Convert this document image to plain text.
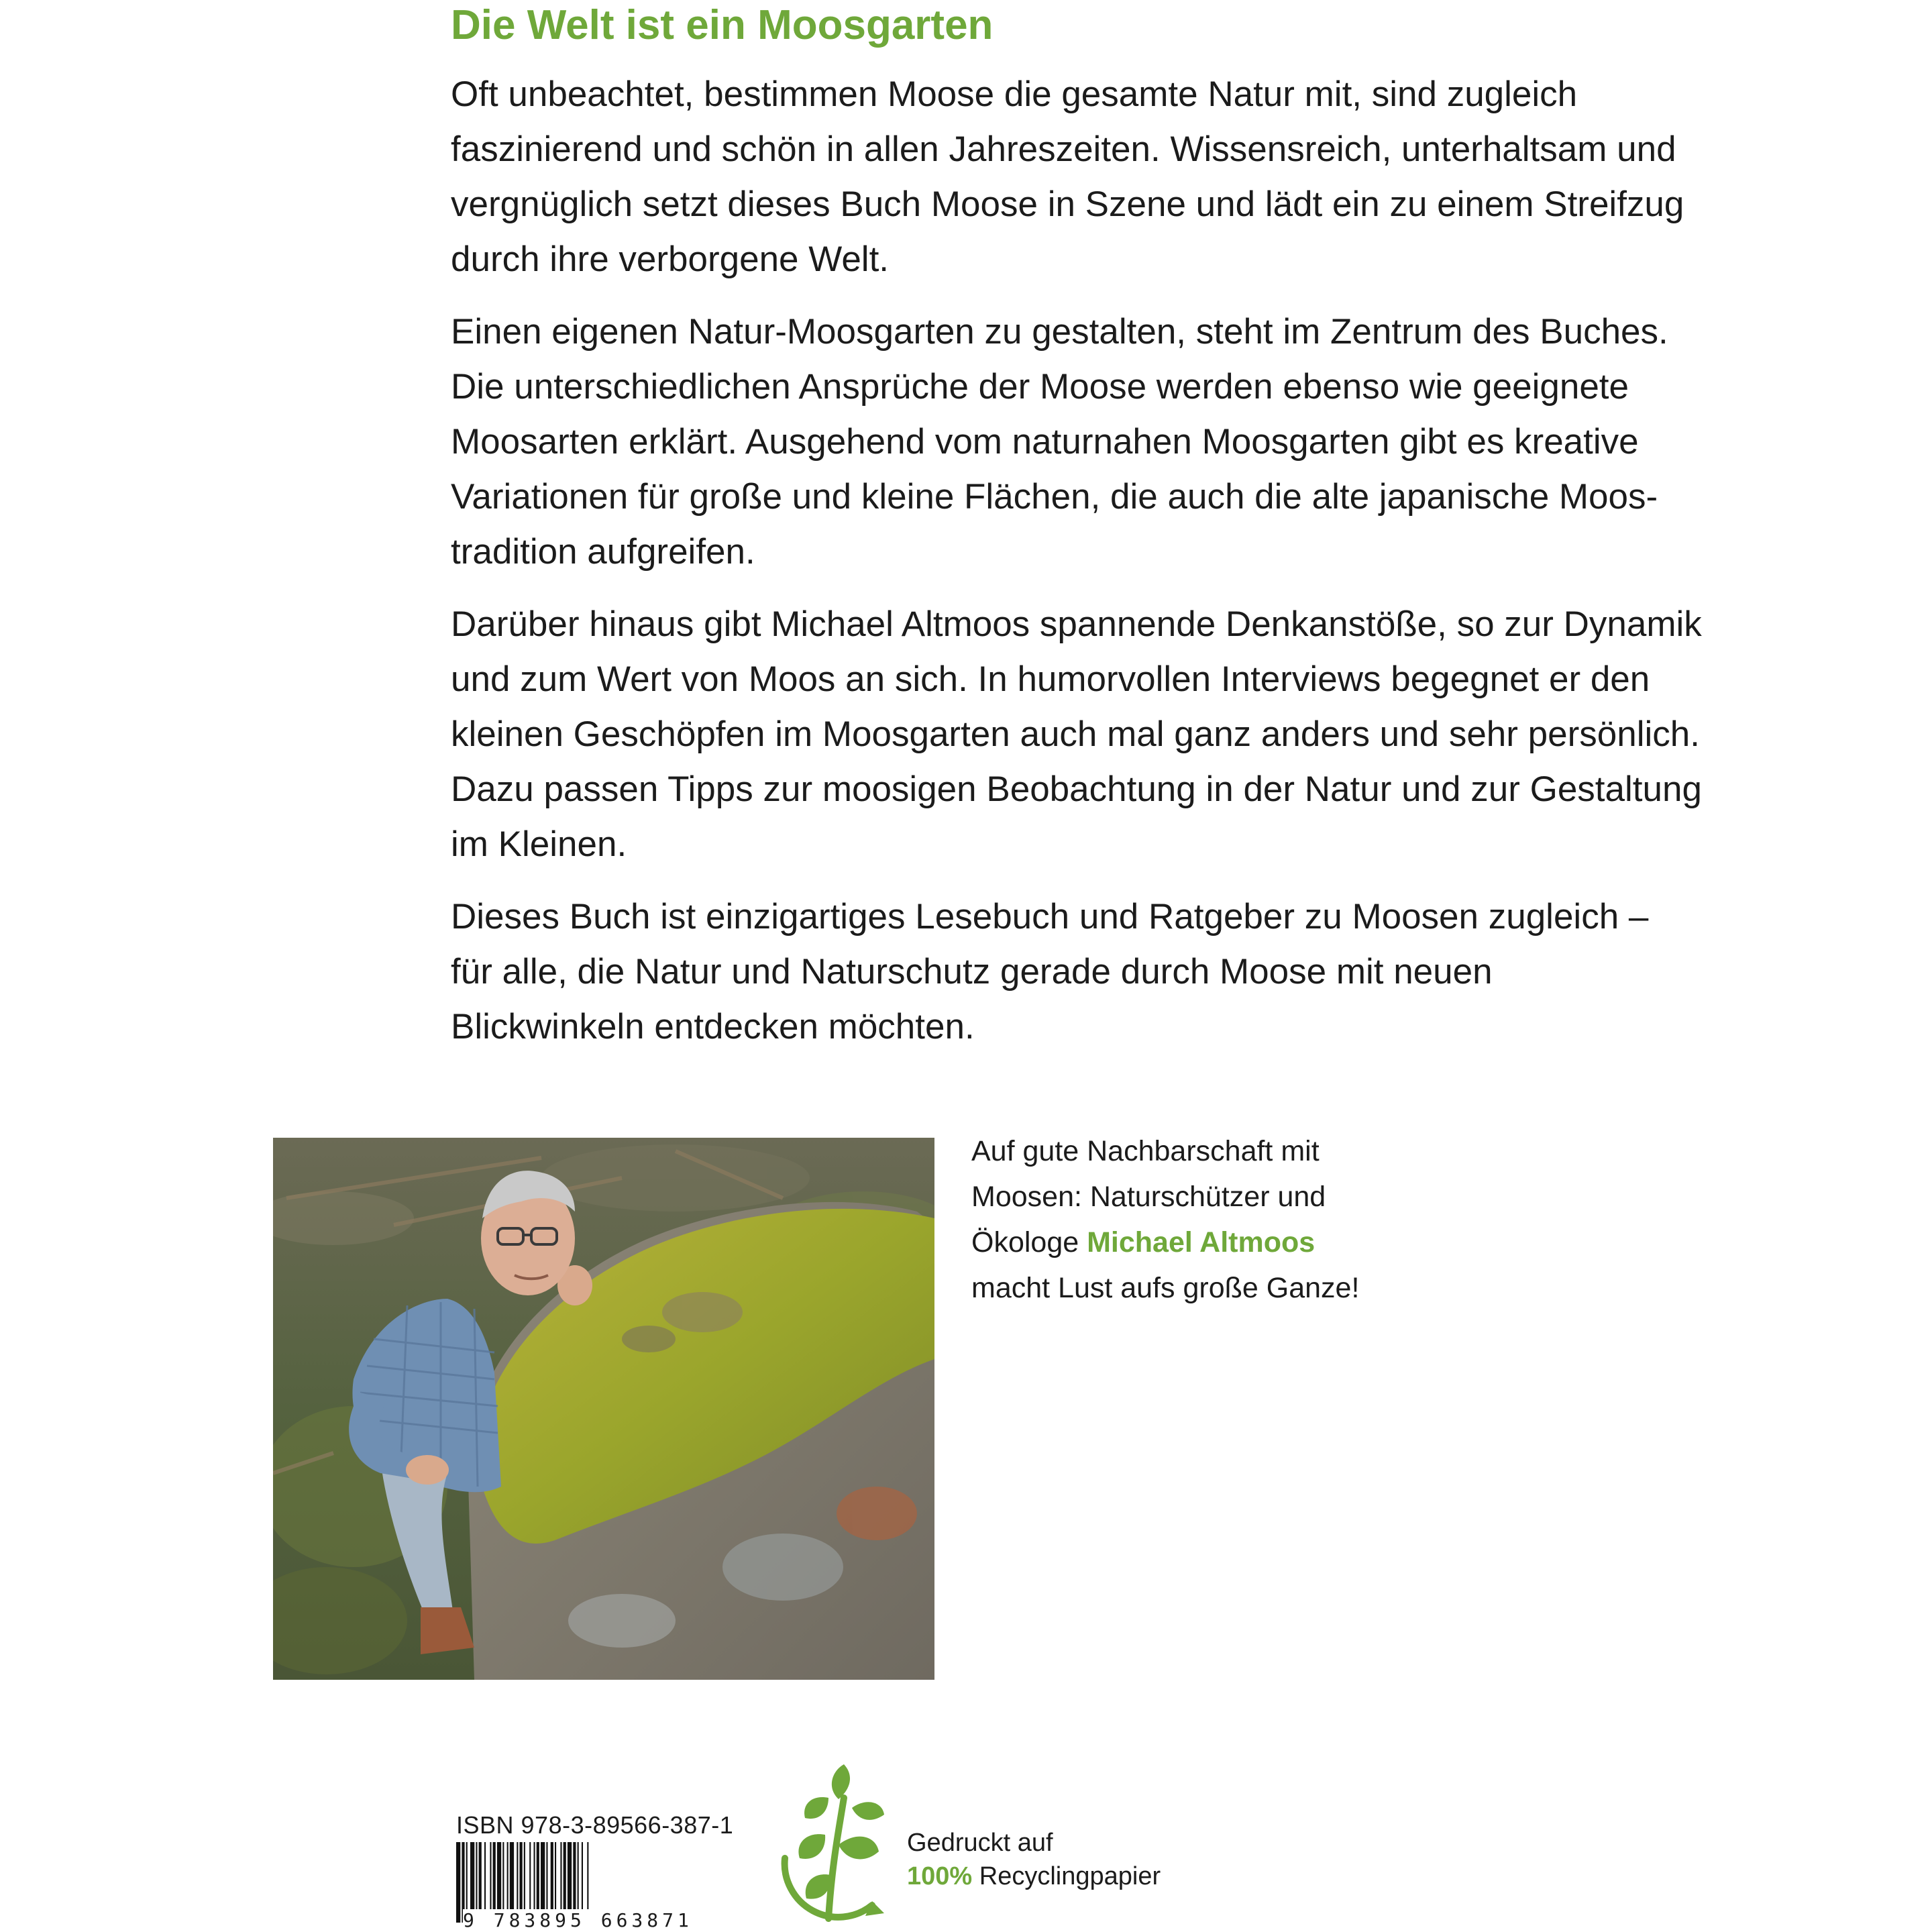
Die Welt ist ein Moosgarten

Oft unbeachtet, bestimmen Moose die gesamte Natur mit, sind zugleich
faszinierend und schön in allen Jahreszeiten. Wissensreich, unterhaltsam und
vergnüglich setzt dieses Buch Moose in Szene und lädt ein zu einem Streifzug
durch ihre verborgene Welt.

Einen eigenen Natur-Moosgarten zu gestalten, steht im Zentrum des Buches.
Die unterschiedlichen Ansprüche der Moose werden ebenso wie geeignete
Moosarten erklärt. Ausgehend vom naturnahen Moosgarten gibt es kreative
Variationen für große und kleine Flächen, die auch die alte japanische Moos-
tradition aufgreifen.

Darüber hinaus gibt Michael Altmoos spannende Denkanstöße, so zur Dynamik
und zum Wert von Moos an sich. In humorvollen Interviews begegnet er den
kleinen Geschöpfen im Moosgarten auch mal ganz anders und sehr persönlich.
Dazu passen Tipps zur moosigen Beobachtung in der Natur und zur Gestaltung
im Kleinen.

Dieses Buch ist einzigartiges Lesebuch und Ratgeber zu Moosen zugleich –
für alle, die Natur und Naturschutz gerade durch Moose mit neuen
Blickwinkeln entdecken möchten.

Auf gute Nachbarschaft mit
Moosen: Naturschützer und
Ökologe Michael Altmoos
macht Lust aufs große Ganze!
ISBN 978-3-89566-387-1
9 783895 663871
Gedruckt auf
100% Recyclingpapier
